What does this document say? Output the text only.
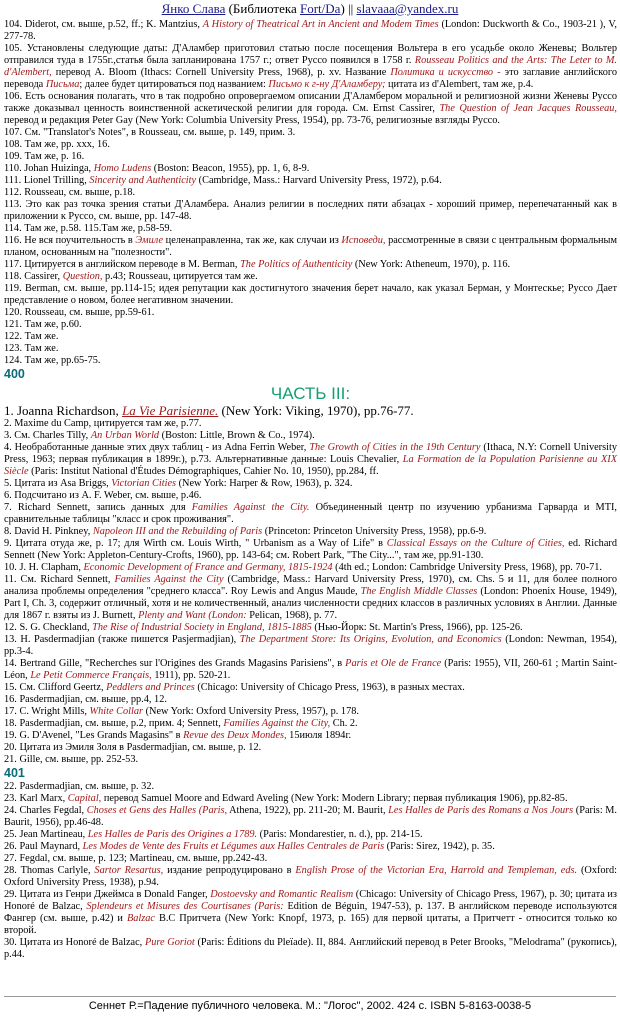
Янко Слава (Библиотека Fort/Da) || slavaaa@yandex.ru

104. Diderot, см. выше, p.52, ff.; K. Mantzius, A History of Theatrical Art in Ancient and Modem Times (London: Duckworth & Co., 1903-21 ), V, 277-78.

105. Установлены следующие даты: Д'Аламбер приготовил статью после посещения Вольтера в его усадьбе около Женевы; Вольтер отправился туда в 1755г.,статья была запланирована 1757 г.; ответ Руссо появился в 1758 г. Rousseau Politics and the Arts: The Leter to M. d'Alembert, перевод A. Bloom (Ithaсs: Cornell University Press, 1968), p. xv. Название Политика и искусство - это заглавие английского перевода Письма; далее будет цитироваться под названием: Письмо к г-ну Д'Аламберу; цитата из d'Alembert, там же, p.4.

106. Есть основания полагать, что в так подробно опровергаемом описании Д'Аламбером моральной и религиозной жизни Женевы Руссо также доказывал ценность воинственной аскетической религии для города. См. Ernst Cassirer, The Question of Jean Jacques Rousseau, перевод и редакция Peter Gay (New York: Columbia University Press, 1954), pp. 73-76, религиозные взгляды Руссо.

107. См. "Translator's Notes", в Rousseau, см. выше, p. 149, прим. 3.

108. Там же, pp. xxx, 16.

109. Там же, p. 16.

110. Johan Huizinga, Homo Ludens (Boston: Beacon, 1955), pp. 1, 6, 8-9.

111. Lionel Trilling, Sincerity and Authenticity (Cambridge, Mass.: Harvard University Press, 1972), p.64.

112. Rousseau, см. выше, p.18.

113. Это как раз точка зрения статьи Д'Аламбера. Анализ религии в последних пяти абзацах - хороший пример, перепечатанный как в приложении к Руссо, см. выше, pp. 147-48.

114. Там же, p.58. 115.Там же, p.58-59.

116. Не вся поучительность в Эмиле целенаправленна, так же, как случаи из Исповеди, рассмотренные в связи с центральным формальным планом, основанным на "полезности".

117. Цитируется в английском переводе в M. Berman, The Politics of Authenticity (New York: Atheneum, 1970), p. 116.

118. Cassirer, Question, p.43; Rousseau, цитируется там же.

119. Berman, см. выше, pp.114-15; идея репутации как достигнутого значения берет начало, как указал Берман, у Монтескье; Руссо Дает представление о новом, более негативном значении.

120. Rousseau, см. выше, pp.59-61.

121. Там же, p.60.

122. Там же.

123. Там же.

124. Там же, pp.65-75.

400

ЧАСТЬ III:

1. Joanna Richardson, La Vie Parisienne. (New York: Viking, 1970), pp.76-77.

2. Maxime du Camp, цитируется там же, p.77.

3. См. Charles Tilly, An Urban World (Boston: Little, Brown & Co., 1974).

4. Необработанные данные этих двух таблиц - из Adna Ferrin Weber, The Growth of Cities in the 19th Century (Ithaca, N.Y: Cornell University Press, 1963; первая публикация в 1899г.), p.73. Альтернативные данные: Louis Chevalier, La Formation de la Population Parisienne au XIX Siècle (Paris: Institut National d'Études Démographiques, Cahier No. 10, 1950), pp.284, ff.

5. Цитата из Asa Briggs, Victorian Cities (New York: Harper & Row, 1963), p. 324.

6. Подсчитано из A. F. Weber, см. выше, p.46.

7. Richard Sennett, запись данных для Families Against the City. Объединенный центр по изучению урбанизма Гарварда и MTI, сравнительные таблицы "класс и срок проживания".

8. David H. Pinkney, Napoleon III and the Rebuilding of Paris (Princeton: Princeton University Press, 1958), pp.6-9.

9. Цитата отуда же, p. 17; для Wirth см. Louis Wirth, " Urbanism as a Way of Life" в Classical Essays on the Culture of Cities, ed. Richard Sennett (New York: Appleton-Century-Crofts, 1960), pp. 143-64; см. Robert Park, "The City...", там же, pp.91-130.

10. J. H. Clapham, Economic Development of France and Germany, 1815-1924 (4th ed.; London: Cambridge University Press, 1968), pp. 70-71.

11. См. Richard Sennett, Families Against the City (Cambridge, Mass.: Harvard University Press, 1970), см. Chs. 5 и 11, для более полного анализа проблемы определения "среднего класса". Roy Lewis and Angus Maude, The English Middle Classes (London: Phoenix House, 1949), Part I, Ch. 3, содержит отличный, хотя и не количественный, анализ численности средних классов в различных условиях в Англии. Данные для 1867 г. взяты из J. Burnett, Plenty and Want (London: Pelican, 1968), p. 77.

12. S. G. Checkland, The Rise of Industrial Society in England, 1815-1885 (Нью-Йорк: St. Martin's Press, 1966), pp. 125-26.

13. H. Pasdermadjian (также пишется Pasjermadjian), The Department Store: Its Origins, Evolution, and Economics (London: Newman, 1954), pp.3-4.

14. Bertrand Gille, "Recherches sur l'Origines des Grands Magasins Parisiens", в Paris et Ole de France (Paris: 1955), VII, 260-61 ; Martin Saint-Léon, Le Petit Commerce Français, 1911), pp. 520-21.

15. См. Clifford Geertz, Peddlers and Princes (Chicago: University of Chicago Press, 1963), в разных местах.

16. Pasdermadjian, см. выше, pp.4, 12.

17. C. Wright Mills, White Collar (New York: Oxford University Press, 1957), p. 178.

18. Pasdermadjian, см. выше, p.2, прим. 4; Sennett, Families Against the City, Ch. 2.

19. G. D'Avenel, "Les Grands Magasins" в Revue des Deux Mondes, 15июля 1894г.

20. Цитата из Эмиля Золя в Pasdermadjian, см. выше, p. 12.

21. Gille, см. выше, pp. 252-53.

401

22. Pasdermadjian, см. выше, p. 32.

23. Karl Marx, Capital, перевод Samuel Moore and Edward Aveling (New York: Modern Library; первая публикация 1906), pp.82-85.

24. Charles Fegdal, Choses et Gens des Halles (Paris, Athena, 1922), pp. 211-20; M. Baurit, Les Halles de Paris des Romans a Nos Jours (Paris: M. Baurit, 1956), pp.46-48.

25. Jean Martineau, Les Halles de Paris des Origines a 1789. (Paris: Mondarestier, n. d.), pp. 214-15.

26. Paul Maynard, Les Modes de Vente des Fruits et Légumes aux Halles Centrales de Paris (Paris: Sirez, 1942), p. 35.

27. Fegdal, см. выше, p. 123; Martineau, см. выше, pp.242-43.

28. Thomas Carlyle, Sartor Resartus, издание репродуцировано в English Prose of the Victorian Era, Harrold and Templeman, eds. (Oxford: Oxford University Press, 1938), p.94.

29. Цитата из Генри Джеймса в Donald Fanger, Dostoevsky and Romantic Realism (Chicago: University of Chicago Press, 1967), p. 30; цитата из Honoré de Balzac, Splendeurs et Misures des Courtisanes (Paris: Edition de Béguin, 1947-53), p. 137. В английском переводе используются Фангер (см. выше, p.42) и Balzac В.С Притчета (New York: Knopf, 1973, p. 165) для первой цитаты, а Притчетт - относится только ко второй.

30. Цитата из Honoré de Balzac, Pure Goriot (Paris: Éditions du Pleïade). II, 884. Английский перевод в Peter Brooks, "Melodrama" (рукопись), p.44.

Сеннет Р.=Падение публичного человека. М.: "Логос", 2002. 424 с. ISBN 5-8163-0038-5
